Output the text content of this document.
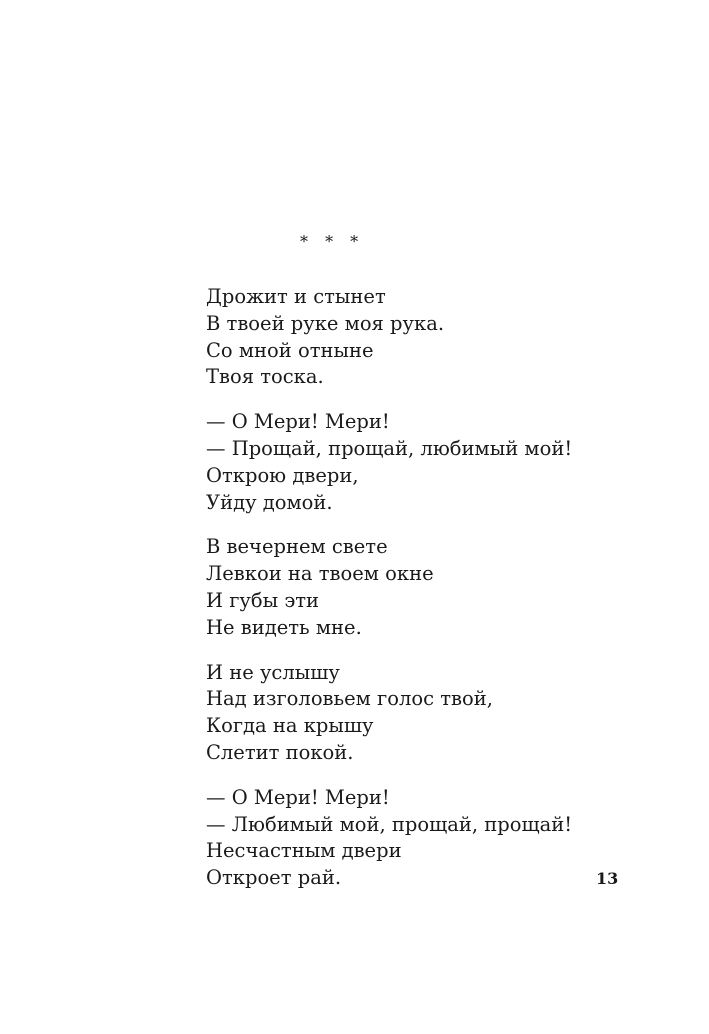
* * *
Дрожит и стынет
В твоей руке моя рука.
Со мной отныне
Твоя тоска.
— О Мери! Мери!
— Прощай, прощай, любимый мой!
Открою двери,
Уйду домой.
В вечернем свете
Левкои на твоем окне
И губы эти
Не видеть мне.
И не услышу
Над изголовьем голос твой,
Когда на крышу
Слетит покой.
— О Мери! Мери!
— Любимый мой, прощай, прощай!
Несчастным двери
Откроет рай.	13
